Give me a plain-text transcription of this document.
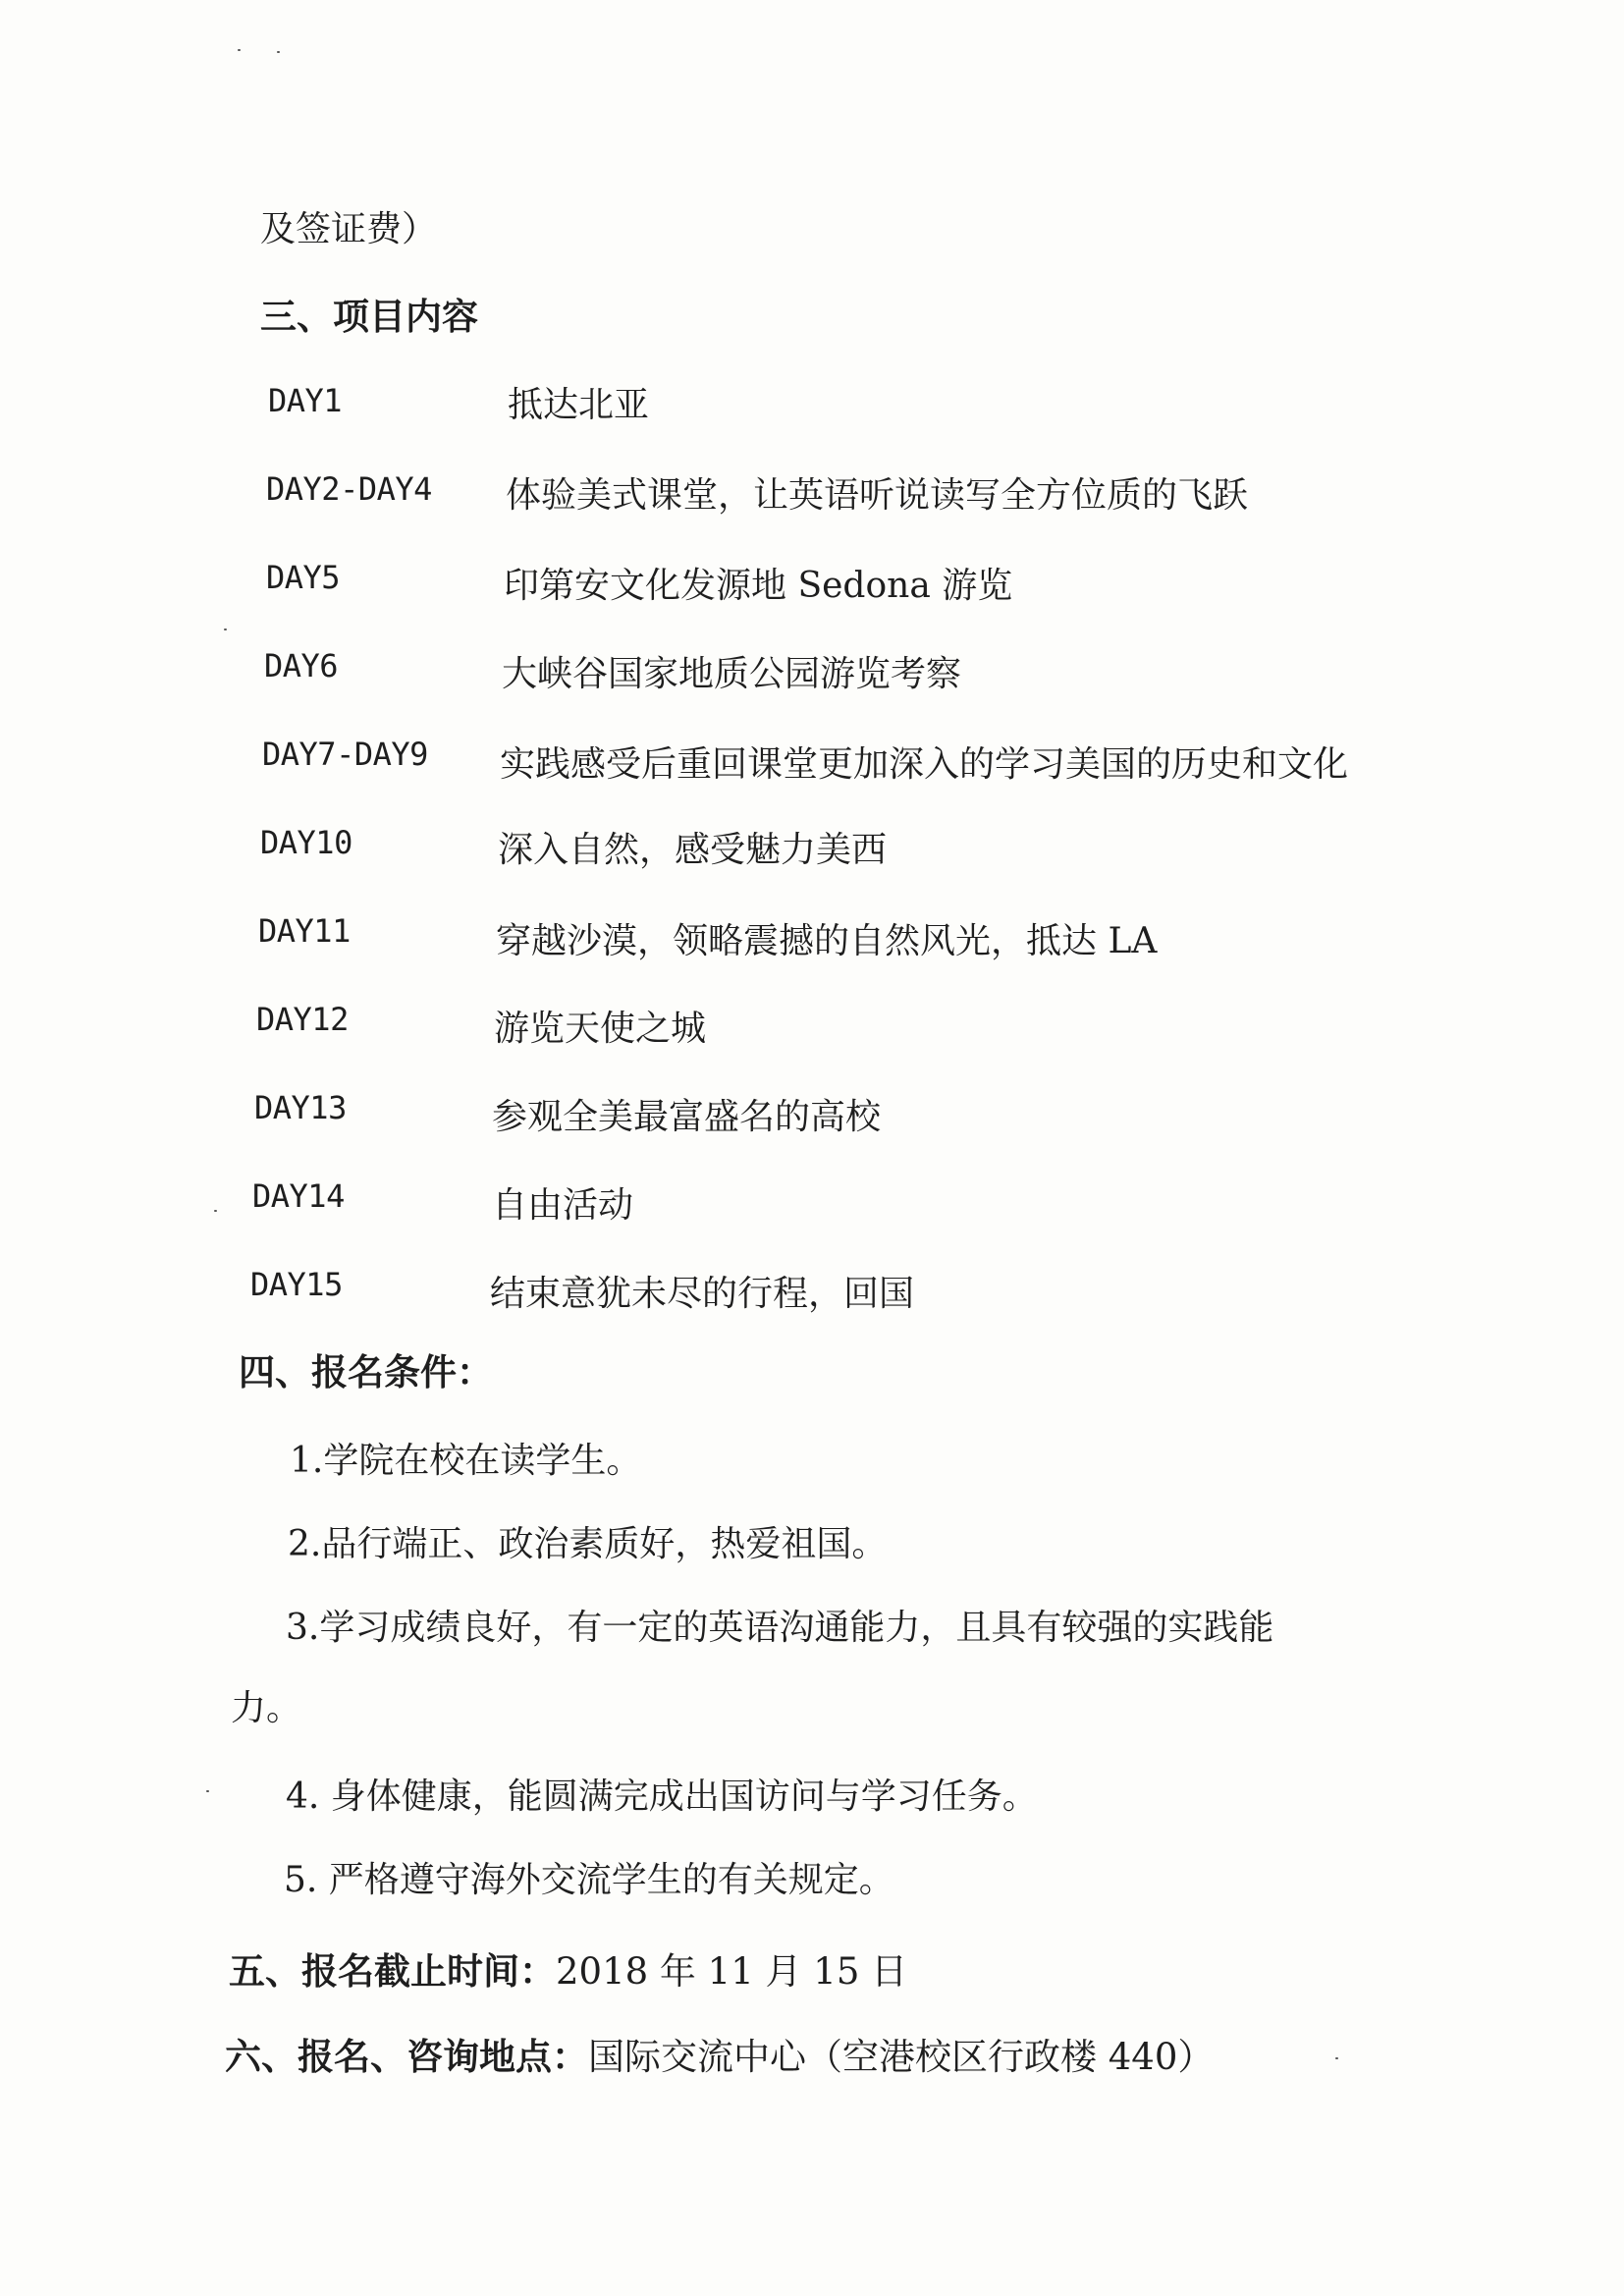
及签证费）
三、项目内容
DAY1	抵达北亚
DAY2-DAY4 体验美式课堂，让英语听说读写全方位质的飞跃
DAY5	印第安文化发源地 Sedona 游览
DAY6	大峡谷国家地质公园游览考察
DAY7-DAY9 实践感受后重回课堂更加深入的学习美国的历史和文化
DAY10	深入自然，感受魅力美西
DAY11	穿越沙漠，领略震撼的自然风光，抵达 LA
DAY12	游览天使之城
DAY13	参观全美最富盛名的高校
DAY14	自由活动
DAY15	结束意犹未尽的行程，回国
四、报名条件：
1.学院在校在读学生。
2.品行端正、政治素质好，热爱祖国。
3.学习成绩良好，有一定的英语沟通能力，且具有较强的实践能
力。
4. 身体健康，能圆满完成出国访问与学习任务。
5. 严格遵守海外交流学生的有关规定。
五、报名截止时间：2018 年 11 月 15 日
六、报名、咨询地点：国际交流中心（空港校区行政楼 440）
